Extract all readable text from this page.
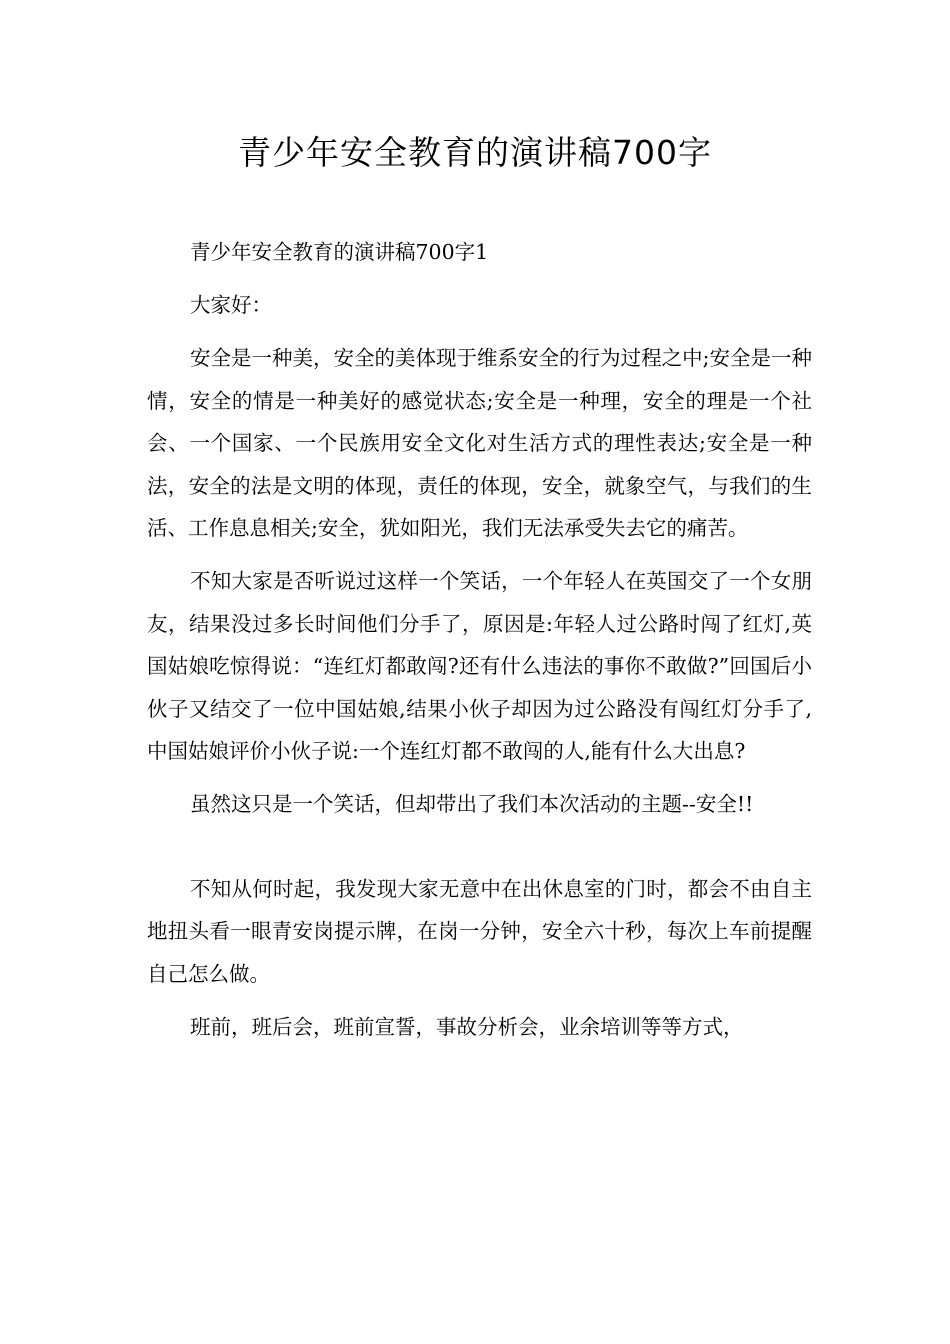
青少年安全教育的演讲稿700字

青少年安全教育的演讲稿700字1

大家好：

安全是一种美，安全的美体现于维系安全的行为过程之中;安全是一种情，安全的情是一种美好的感觉状态;安全是一种理，安全的理是一个社会、一个国家、一个民族用安全文化对生活方式的理性表达;安全是一种法，安全的法是文明的体现，责任的体现，安全，就象空气，与我们的生活、工作息息相关;安全，犹如阳光，我们无法承受失去它的痛苦。

不知大家是否听说过这样一个笑话，一个年轻人在英国交了一个女朋友，结果没过多长时间他们分手了，原因是:年轻人过公路时闯了红灯,英国姑娘吃惊得说：“连红灯都敢闯?还有什么违法的事你不敢做?”回国后小伙子又结交了一位中国姑娘,结果小伙子却因为过公路没有闯红灯分手了,中国姑娘评价小伙子说:一个连红灯都不敢闯的人,能有什么大出息?

虽然这只是一个笑话，但却带出了我们本次活动的主题--安全!!

不知从何时起，我发现大家无意中在出休息室的门时，都会不由自主地扭头看一眼青安岗提示牌，在岗一分钟，安全六十秒，每次上车前提醒自己怎么做。

班前，班后会，班前宣誓，事故分析会，业余培训等等方式，
